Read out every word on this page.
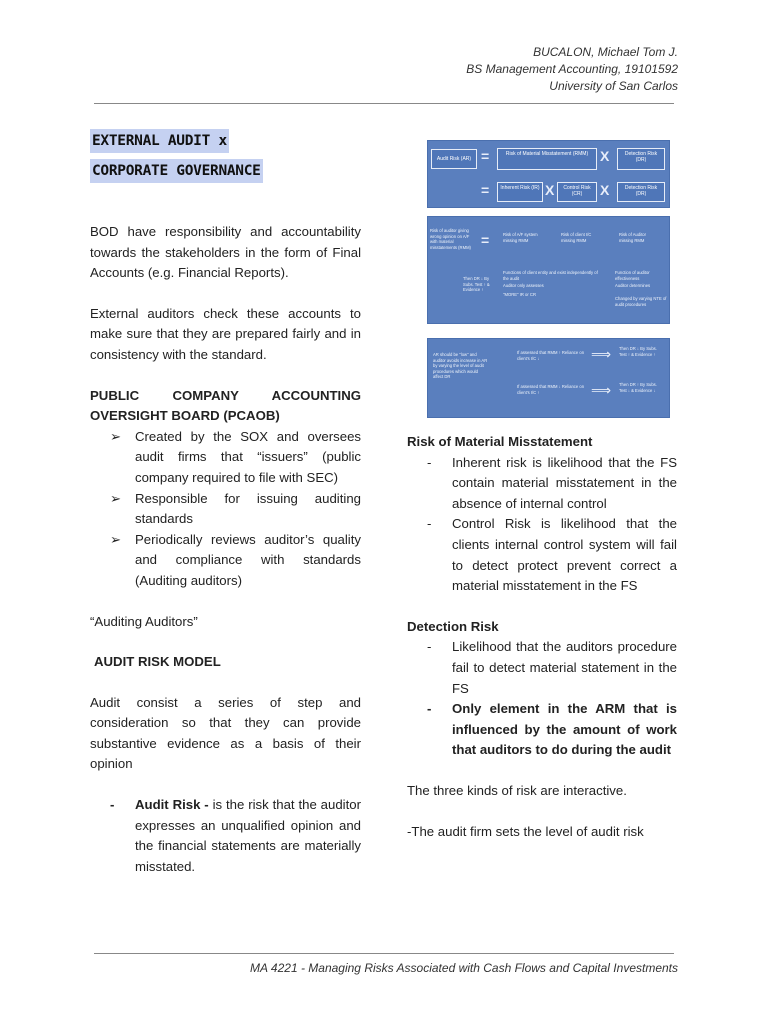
BUCALON, Michael Tom J.
BS Management Accounting, 19101592
University of San Carlos
EXTERNAL AUDIT x
CORPORATE GOVERNANCE

BOD have responsibility and accountability towards the stakeholders in the form of Final Accounts (e.g. Financial Reports).

External auditors check these accounts to make sure that they are prepared fairly and in consistency with the standard.

PUBLIC COMPANY ACCOUNTING OVERSIGHT BOARD (PCAOB)

➢ Created by the SOX and oversees audit firms that “issuers” (public company required to file with SEC)
➢ Responsible for issuing auditing standards
➢ Periodically reviews auditor’s quality and compliance with standards (Auditing auditors)

“Auditing Auditors”

AUDIT RISK MODEL

Audit consist a series of step and consideration so that they can provide substantive evidence as a basis of their opinion

- Audit Risk - is the risk that the auditor expresses an unqualified opinion and the financial statements are materially misstated.
Audit Risk (AR) =	Risk of Material Misstatement (RMM) X	Detection Risk (DR)
=	Inherent Risk (IR) X	Control Risk (CR)	X	Detection Risk (DR)
Risk of auditor giving wrong opinion on A/F with material misstatements (RMM) =	Risk of A/F system missing RMM
Risk of client I/C missing RMM
Risk of Auditor missing RMM
Then DR ↓ By Subs. Test ↑ & Evidence ↑
Functions of client entity and exist independently of the audit
Auditor only assesses
"MORE" IR or CR
Function of auditor effectiveness
Auditor determines
Changed by varying NTE of audit procedures
AR should be "low" and auditor avoids increase in AR by varying the level of audit procedures which would affect DR
If assessed that RMM ↑ Reliance on client's I/C ↓
If assessed that RMM ↓ Reliance on client's I/C ↑
⟹
⟹
Then DR ↓ By Subs. Test ↑ & Evidence ↑
Then DR ↑ By Subs. Test ↓ & Evidence ↓

Risk of Material Misstatement

- Inherent risk is likelihood that the FS contain material misstatement in the absence of internal control
- Control Risk is likelihood that the clients internal control system will fail to detect protect prevent correct a material misstatement in the FS

Detection Risk

- Likelihood that the auditors procedure fail to detect material statement in the FS
- Only element in the ARM that is influenced by the amount of work that auditors to do during the audit

The three kinds of risk are interactive.

-The audit firm sets the level of audit risk

MA 4221 - Managing Risks Associated with Cash Flows and Capital Investments
